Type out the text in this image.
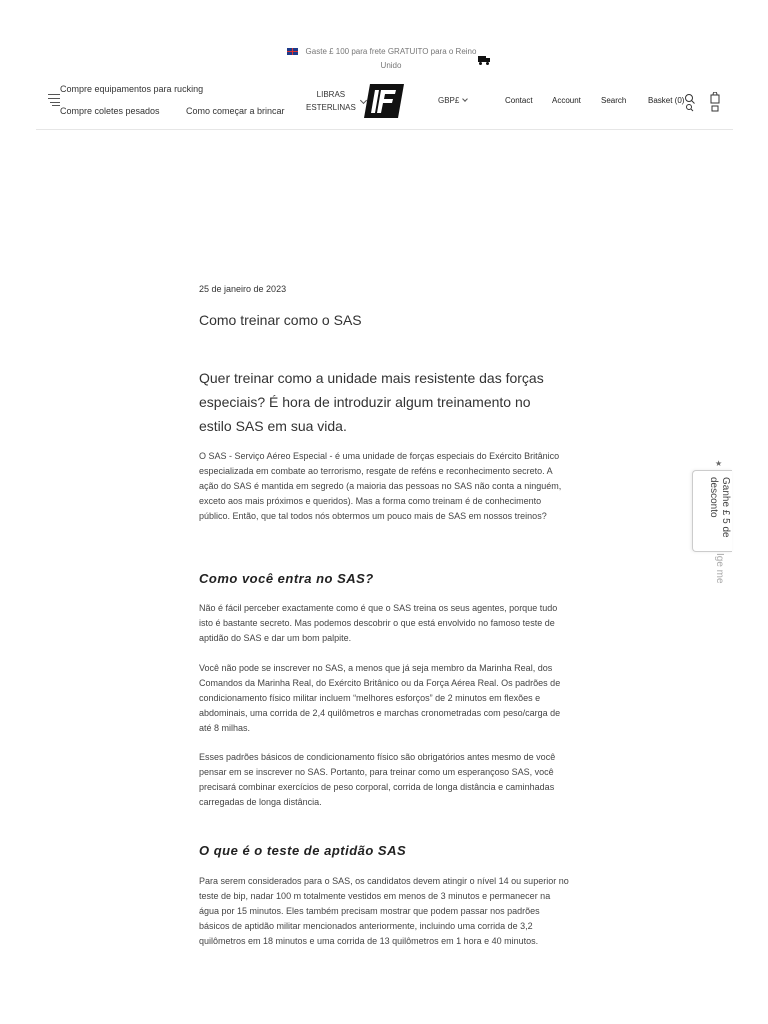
Gaste £ 100 para frete GRATUITO para o Reino Unido
Compre equipamentos para rucking
Compre coletes pesados	Como começar a brincar
LIBRAS
ESTERLINAS
GBP£	Contact Account	Search	Basket (0)
25 de janeiro de 2023
Como treinar como o SAS
Quer treinar como a unidade mais resistente das forças especiais? É hora de introduzir algum treinamento no estilo SAS em sua vida.
O SAS - Serviço Aéreo Especial - é uma unidade de forças especiais do Exército Britânico especializada em combate ao terrorismo, resgate de reféns e reconhecimento secreto. A ação do SAS é mantida em segredo (a maioria das pessoas no SAS não conta a ninguém, exceto aos mais próximos e queridos). Mas a forma como treinam é de conhecimento público. Então, que tal todos nós obtermos um pouco mais de SAS em nossos treinos?
Como você entra no SAS?
Não é fácil perceber exactamente como é que o SAS treina os seus agentes, porque tudo isto é bastante secreto. Mas podemos descobrir o que está envolvido no famoso teste de aptidão do SAS e dar um bom palpite.
Você não pode se inscrever no SAS, a menos que já seja membro da Marinha Real, dos Comandos da Marinha Real, do Exército Britânico ou da Força Aérea Real. Os padrões de condicionamento físico militar incluem “melhores esforços” de 2 minutos em flexões e abdominais, uma corrida de 2,4 quilômetros e marchas cronometradas com peso/carga de até 8 milhas.
Esses padrões básicos de condicionamento físico são obrigatórios antes mesmo de você pensar em se inscrever no SAS. Portanto, para treinar como um esperançoso SAS, você precisará combinar exercícios de peso corporal, corrida de longa distância e caminhadas carregadas de longa distância.
O que é o teste de aptidão SAS
Para serem considerados para o SAS, os candidatos devem atingir o nível 14 ou superior no teste de bip, nadar 100 m totalmente vestidos em menos de 3 minutos e permanecer na água por 15 minutos. Eles também precisam mostrar que podem passar nos padrões básicos de aptidão militar mencionados anteriormente, incluindo uma corrida de 3,2 quilômetros em 18 minutos e uma corrida de 13 quilômetros em 1 hora e 40 minutos.
★
Ganhe £ 5 de desconto
Ige me
